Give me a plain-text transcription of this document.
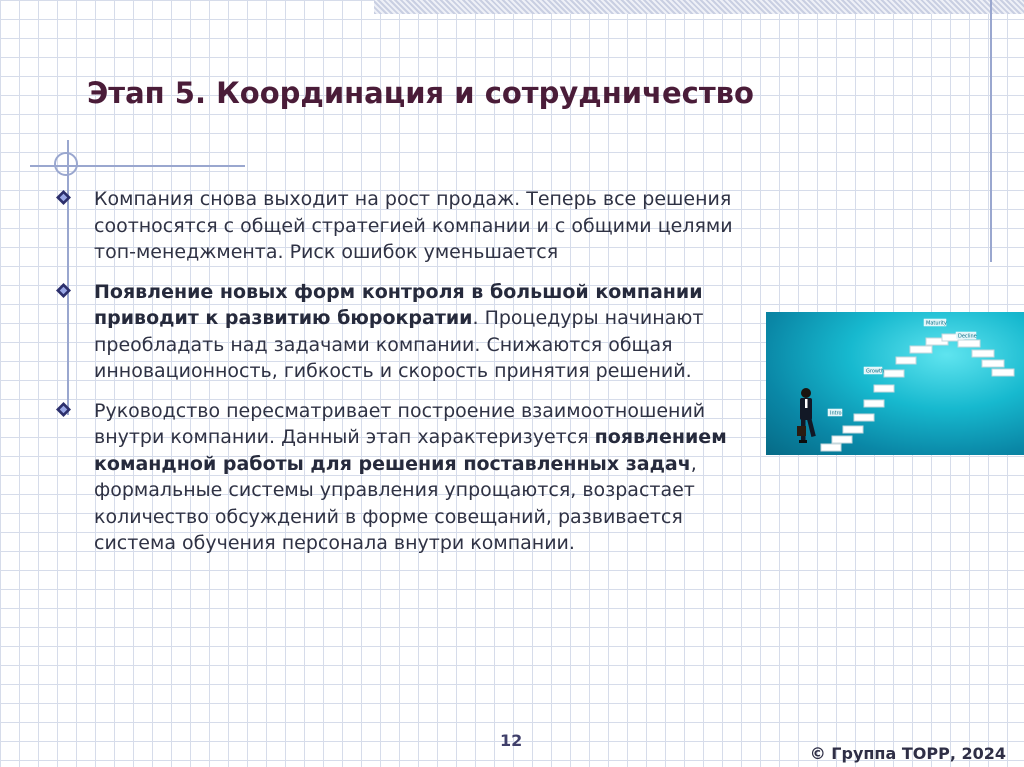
Этап 5. Координация и сотрудничество
Компания снова выходит на рост продаж. Теперь все решения соотносятся с общей стратегией компании и с общими целями топ-менеджмента. Риск ошибок уменьшается
Появление новых форм контроля в большой компании приводит к развитию бюрократии. Процедуры начинают преобладать над задачами компании. Снижаются общая инновационность, гибкость и скорость принятия решений.
Руководство пересматривает построение взаимоотношений внутри компании. Данный этап характеризуется появлением командной работы для решения поставленных задач, формальные системы управления упрощаются, возрастает количество обсуждений в форме совещаний, развивается система обучения персонала внутри компании.
Intro
Growth
Maturity
Decline
12
© Группа ТОРР, 2024
